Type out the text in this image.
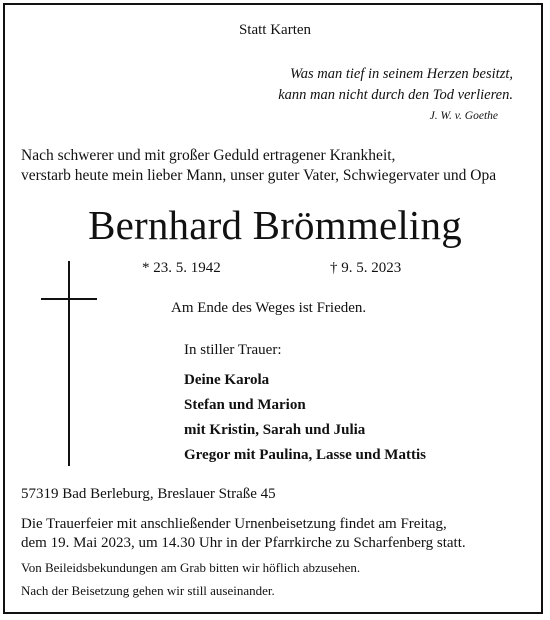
Statt Karten
Was man tief in seinem Herzen besitzt,
kann man nicht durch den Tod verlieren.
J. W. v. Goethe
Nach schwerer und mit großer Geduld ertragener Krankheit,
verstarb heute mein lieber Mann, unser guter Vater, Schwiegervater und Opa
Bernhard Brömmeling
* 23. 5. 1942	† 9. 5. 2023
Am Ende des Weges ist Frieden.
In stiller Trauer:
Deine Karola
Stefan und Marion
mit Kristin, Sarah und Julia
Gregor mit Paulina, Lasse und Mattis
57319 Bad Berleburg, Breslauer Straße 45
Die Trauerfeier mit anschließender Urnenbeisetzung findet am Freitag,
dem 19. Mai 2023, um 14.30 Uhr in der Pfarrkirche zu Scharfenberg statt.
Von Beileidsbekundungen am Grab bitten wir höflich abzusehen.
Nach der Beisetzung gehen wir still auseinander.
